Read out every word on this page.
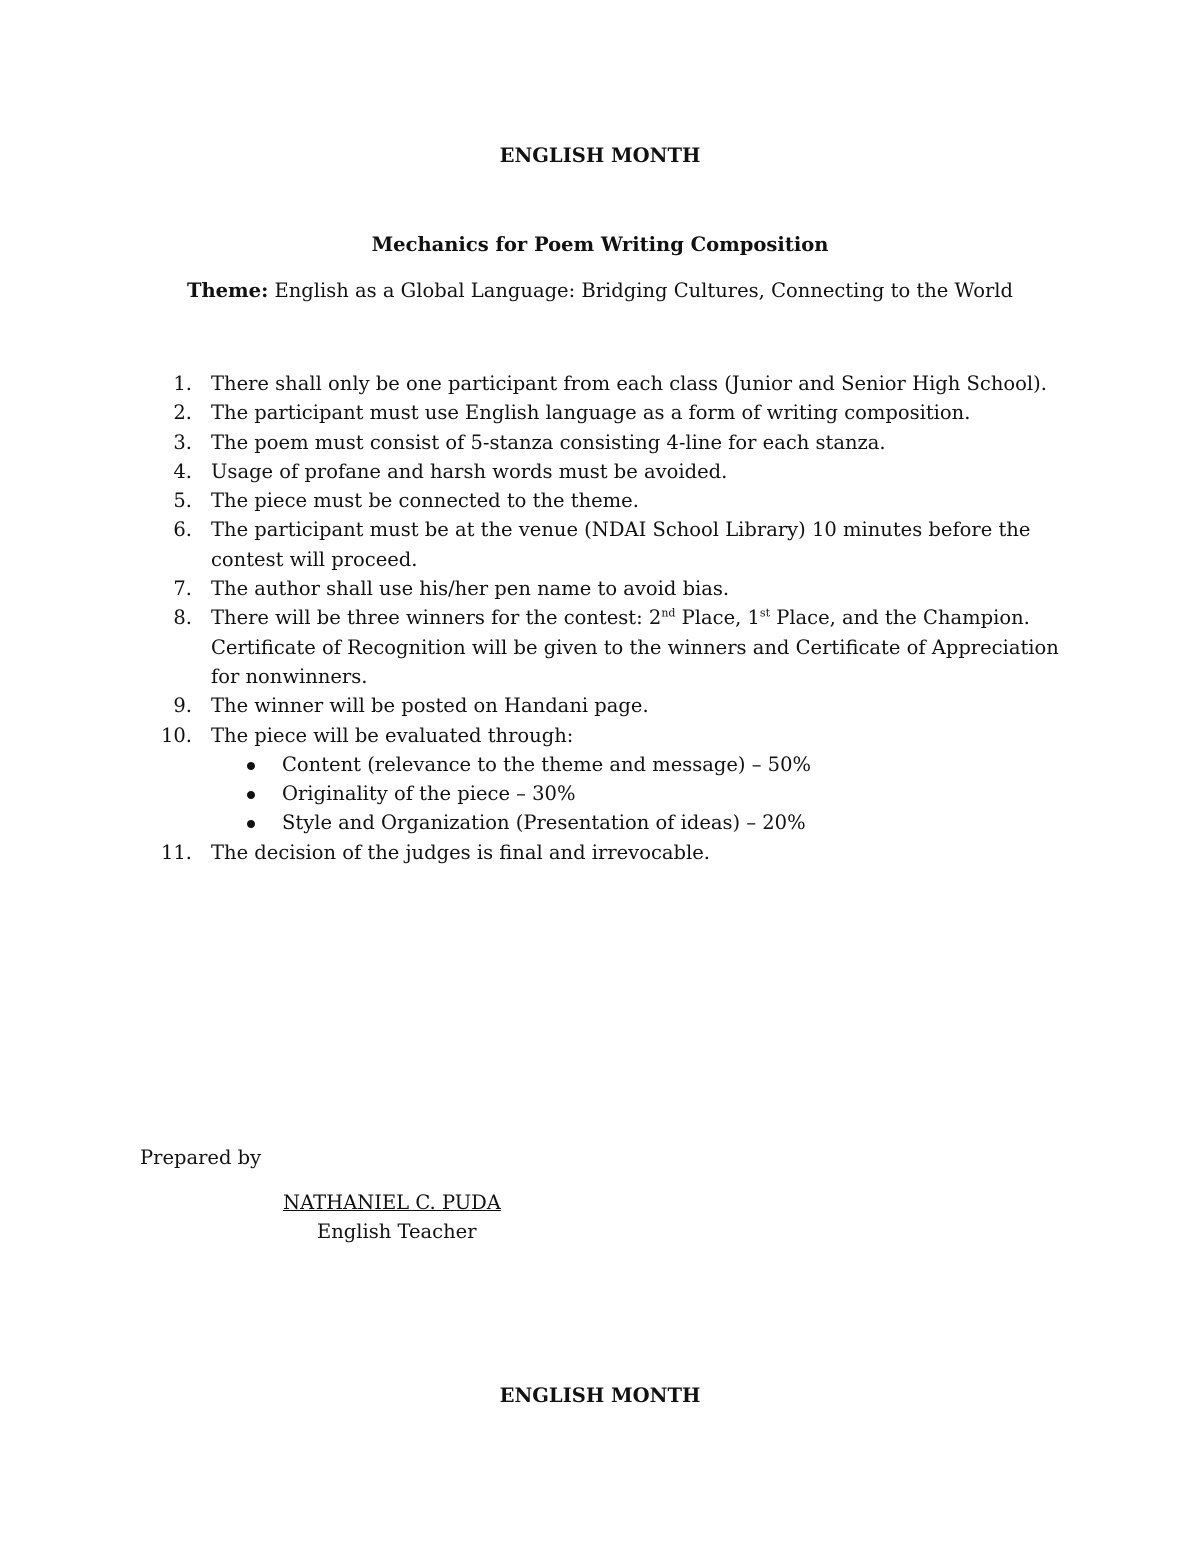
ENGLISH MONTH
Mechanics for Poem Writing Composition
Theme: English as a Global Language: Bridging Cultures, Connecting to the World
1. There shall only be one participant from each class (Junior and Senior High School).
2. The participant must use English language as a form of writing composition.
3. The poem must consist of 5-stanza consisting 4-line for each stanza.
4. Usage of profane and harsh words must be avoided.
5. The piece must be connected to the theme.
6. The participant must be at the venue (NDAI School Library) 10 minutes before the contest will proceed.
7. The author shall use his/her pen name to avoid bias.
8. There will be three winners for the contest: 2nd Place, 1st Place, and the Champion. Certificate of Recognition will be given to the winners and Certificate of Appreciation for nonwinners.
9. The winner will be posted on Handani page.
10. The piece will be evaluated through:
Content (relevance to the theme and message) – 50%
Originality of the piece – 30%
Style and Organization (Presentation of ideas) – 20%
11. The decision of the judges is final and irrevocable.
Prepared by
NATHANIEL C. PUDA
English Teacher
ENGLISH MONTH
